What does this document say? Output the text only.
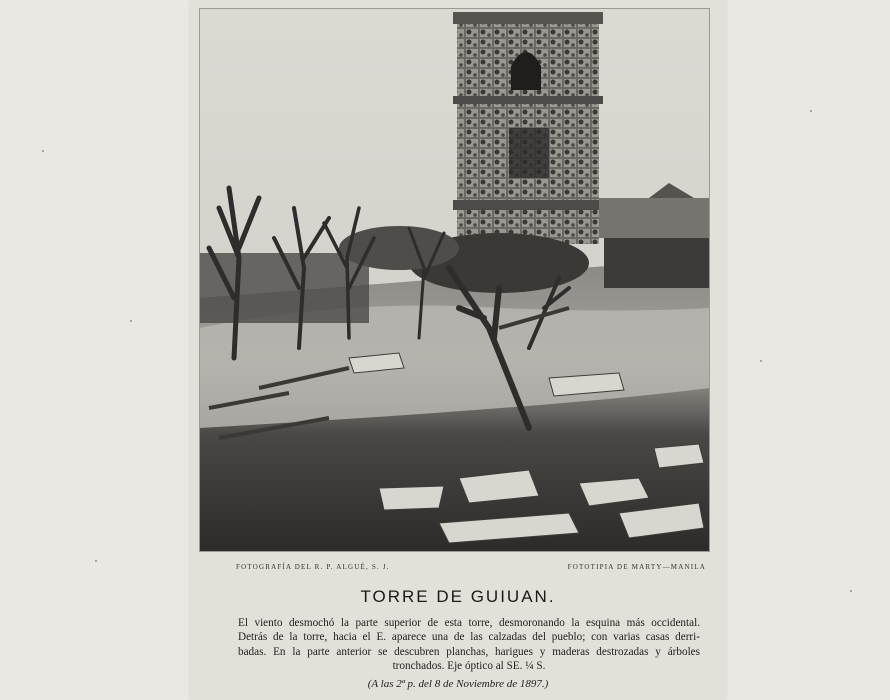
FOTOGRAFÍA DEL R. P. ALGUÉ, S. J.	FOTOTIPIA DE MARTY—MANILA
TORRE DE GUIUAN.
El viento desmochó la parte superior de esta torre, desmoronando la esquina más occidental.
Detrás de la torre, hacia el E. aparece una de las calzadas del pueblo; con varias casas derri-
badas. En la parte anterior se descubren planchas, harigues y maderas destrozadas y árboles
tronchados. Eje óptico al SE. ¼ S.
(A las 2ª p. del 8 de Noviembre de 1897.)
